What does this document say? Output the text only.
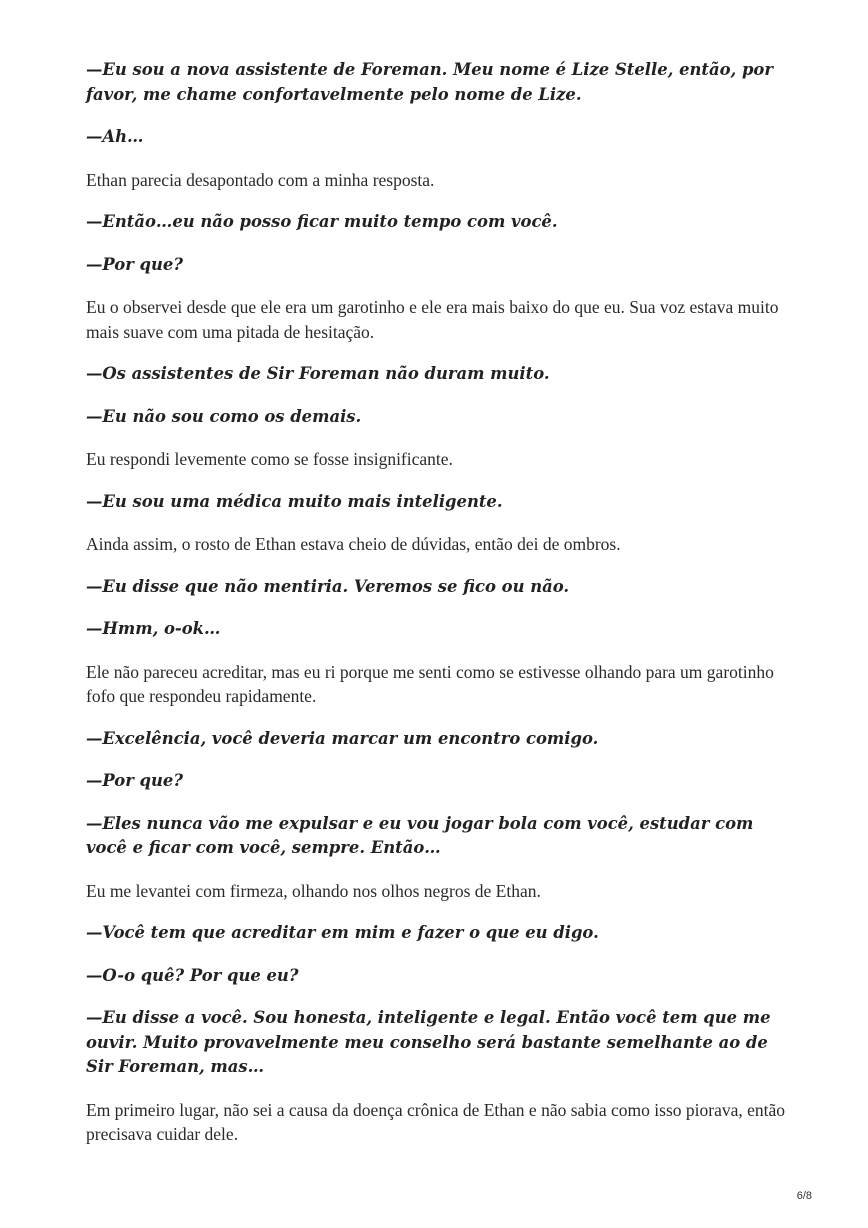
—Eu sou a nova assistente de Foreman. Meu nome é Lize Stelle, então, por favor, me chame confortavelmente pelo nome de Lize.

—Ah…

Ethan parecia desapontado com a minha resposta.

—Então…eu não posso ficar muito tempo com você.

—Por que?

Eu o observei desde que ele era um garotinho e ele era mais baixo do que eu. Sua voz estava muito mais suave com uma pitada de hesitação.

—Os assistentes de Sir Foreman não duram muito.

—Eu não sou como os demais.

Eu respondi levemente como se fosse insignificante.

—Eu sou uma médica muito mais inteligente.

Ainda assim, o rosto de Ethan estava cheio de dúvidas, então dei de ombros.

—Eu disse que não mentiria. Veremos se fico ou não.

—Hmm, o-ok…

Ele não pareceu acreditar, mas eu ri porque me senti como se estivesse olhando para um garotinho fofo que respondeu rapidamente.

—Excelência, você deveria marcar um encontro comigo.

—Por que?

—Eles nunca vão me expulsar e eu vou jogar bola com você, estudar com você e ficar com você, sempre. Então…

Eu me levantei com firmeza, olhando nos olhos negros de Ethan.

—Você tem que acreditar em mim e fazer o que eu digo.

—O-o quê? Por que eu?

—Eu disse a você. Sou honesta, inteligente e legal. Então você tem que me ouvir. Muito provavelmente meu conselho será bastante semelhante ao de Sir Foreman, mas…

Em primeiro lugar, não sei a causa da doença crônica de Ethan e não sabia como isso piorava, então precisava cuidar dele.

6/8
